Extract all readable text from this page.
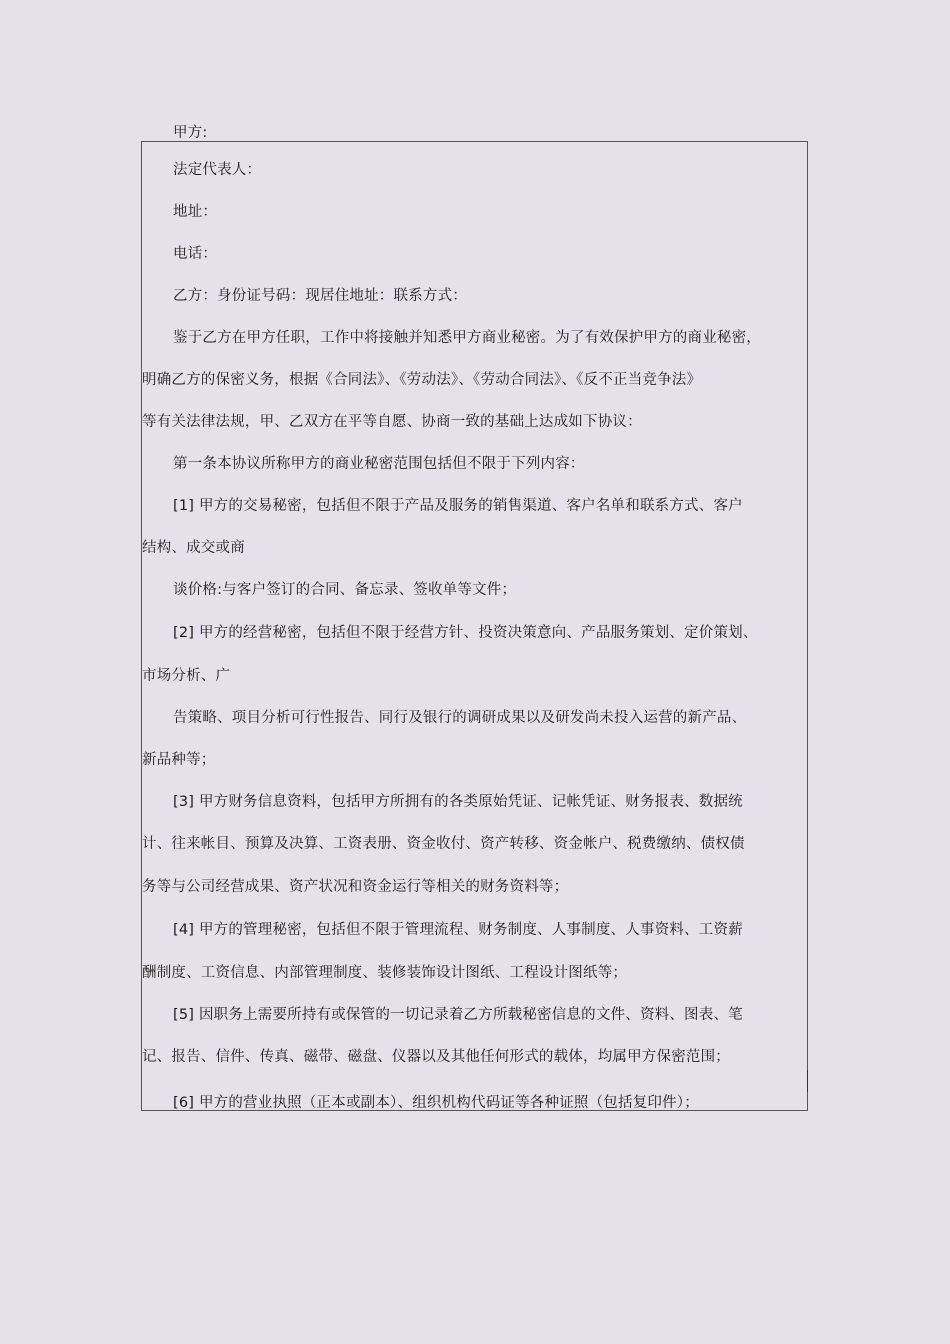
甲方:
法定代表人：
地址：
电话：
乙方：身份证号码：现居住地址：联系方式：
鉴于乙方在甲方任职，工作中将接触并知悉甲方商业秘密。为了有效保护甲方的商业秘密，
明确乙方的保密义务，根据《合同法》、《劳动法》、《劳动合同法》、《反不正当竞争法》
等有关法律法规，甲、乙双方在平等自愿、协商一致的基础上达成如下协议：
第一条本协议所称甲方的商业秘密范围包括但不限于下列内容：
[1] 甲方的交易秘密，包括但不限于产品及服务的销售渠道、客户名单和联系方式、客户
结构、成交或商
谈价格:与客户签订的合同、备忘录、签收单等文件；
[2] 甲方的经营秘密，包括但不限于经营方针、投资决策意向、产品服务策划、定价策划、
市场分析、广
告策略、项目分析可行性报告、同行及银行的调研成果以及研发尚未投入运营的新产品、
新品种等；
[3] 甲方财务信息资料，包括甲方所拥有的各类原始凭证、记帐凭证、财务报表、数据统
计、往来帐目、预算及决算、工资表册、资金收付、资产转移、资金帐户、税费缴纳、债权债
务等与公司经营成果、资产状况和资金运行等相关的财务资料等；
[4] 甲方的管理秘密，包括但不限于管理流程、财务制度、人事制度、人事资料、工资薪
酬制度、工资信息、内部管理制度、装修装饰设计图纸、工程设计图纸等；
[5] 因职务上需要所持有或保管的一切记录着乙方所载秘密信息的文件、资料、图表、笔
记、报告、信件、传真、磁带、磁盘、仪器以及其他任何形式的载体，均属甲方保密范围；
[6] 甲方的营业执照（正本或副本）、组织机构代码证等各种证照（包括复印件）；
